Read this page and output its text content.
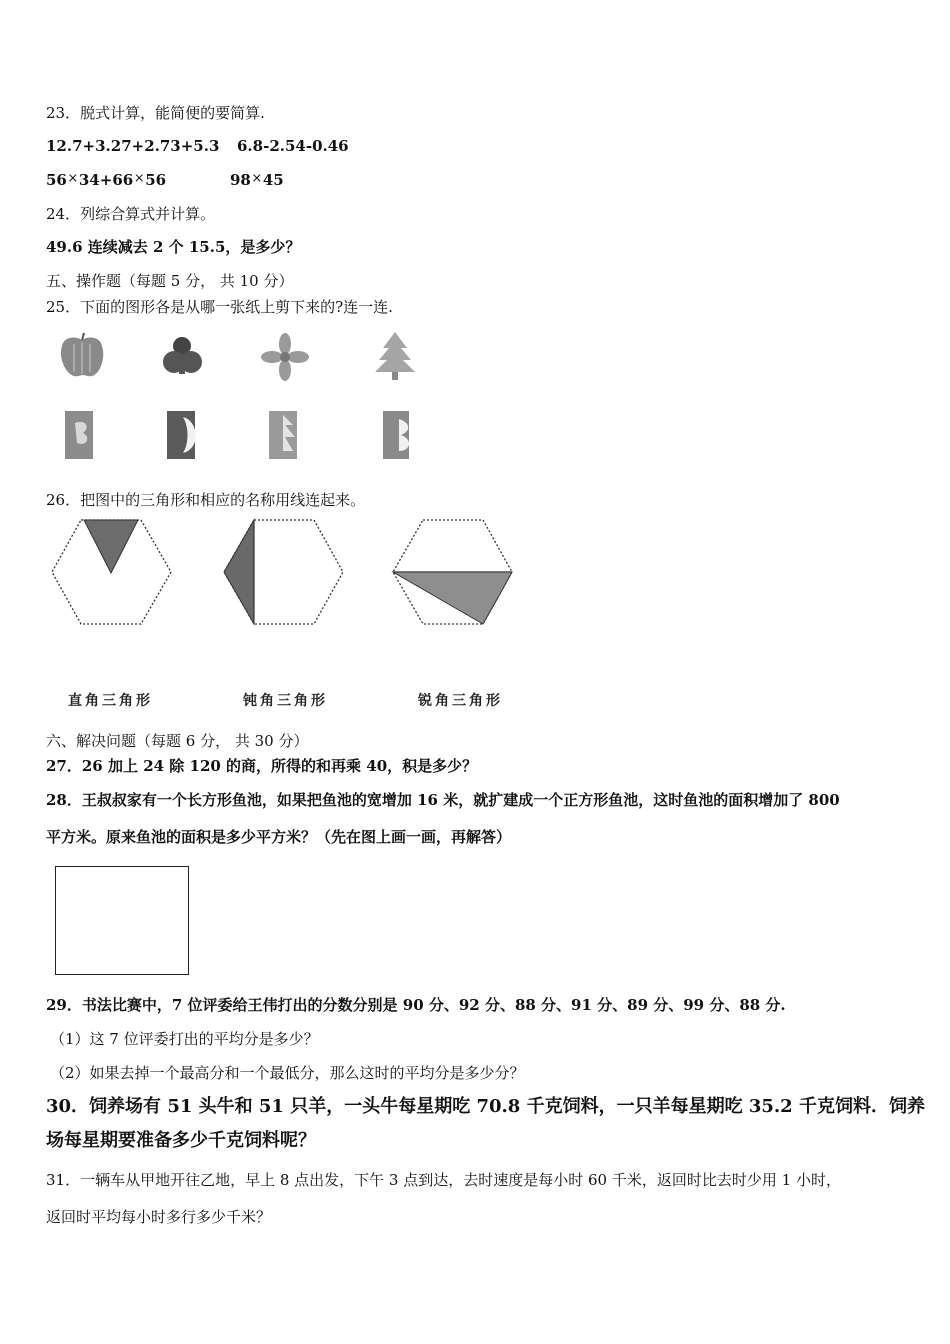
23．脱式计算，能简便的要简算.
12.7+3.27+2.73+5.3 6.8-2.54-0.46
56×34+66×56	98×45
24．列综合算式并计算。
49.6 连续减去 2 个 15.5，是多少？
五、操作题（每题 5 分， 共 10 分）
25．下面的图形各是从哪一张纸上剪下来的?连一连.
26．把图中的三角形和相应的名称用线连起来。
直角三角形	钝角三角形	锐角三角形
六、解决问题（每题 6 分， 共 30 分）
27．26 加上 24 除 120 的商，所得的和再乘 40，积是多少？
28．王叔叔家有一个长方形鱼池，如果把鱼池的宽增加 16 米，就扩建成一个正方形鱼池，这时鱼池的面积增加了 800
平方米。原来鱼池的面积是多少平方米？（先在图上画一画，再解答）
29．书法比赛中，7 位评委给王伟打出的分数分别是 90 分、92 分、88 分、91 分、89 分、99 分、88 分.
（1）这 7 位评委打出的平均分是多少？
（2）如果去掉一个最高分和一个最低分，那么这时的平均分是多少分？
30．饲养场有 51 头牛和 51 只羊，一头牛每星期吃 70.8 千克饲料，一只羊每星期吃 35.2 千克饲料．饲养
场每星期要准备多少千克饲料呢？
31．一辆车从甲地开往乙地，早上 8 点出发，下午 3 点到达，去时速度是每小时 60 千米，返回时比去时少用 1 小时，
返回时平均每小时多行多少千米？
